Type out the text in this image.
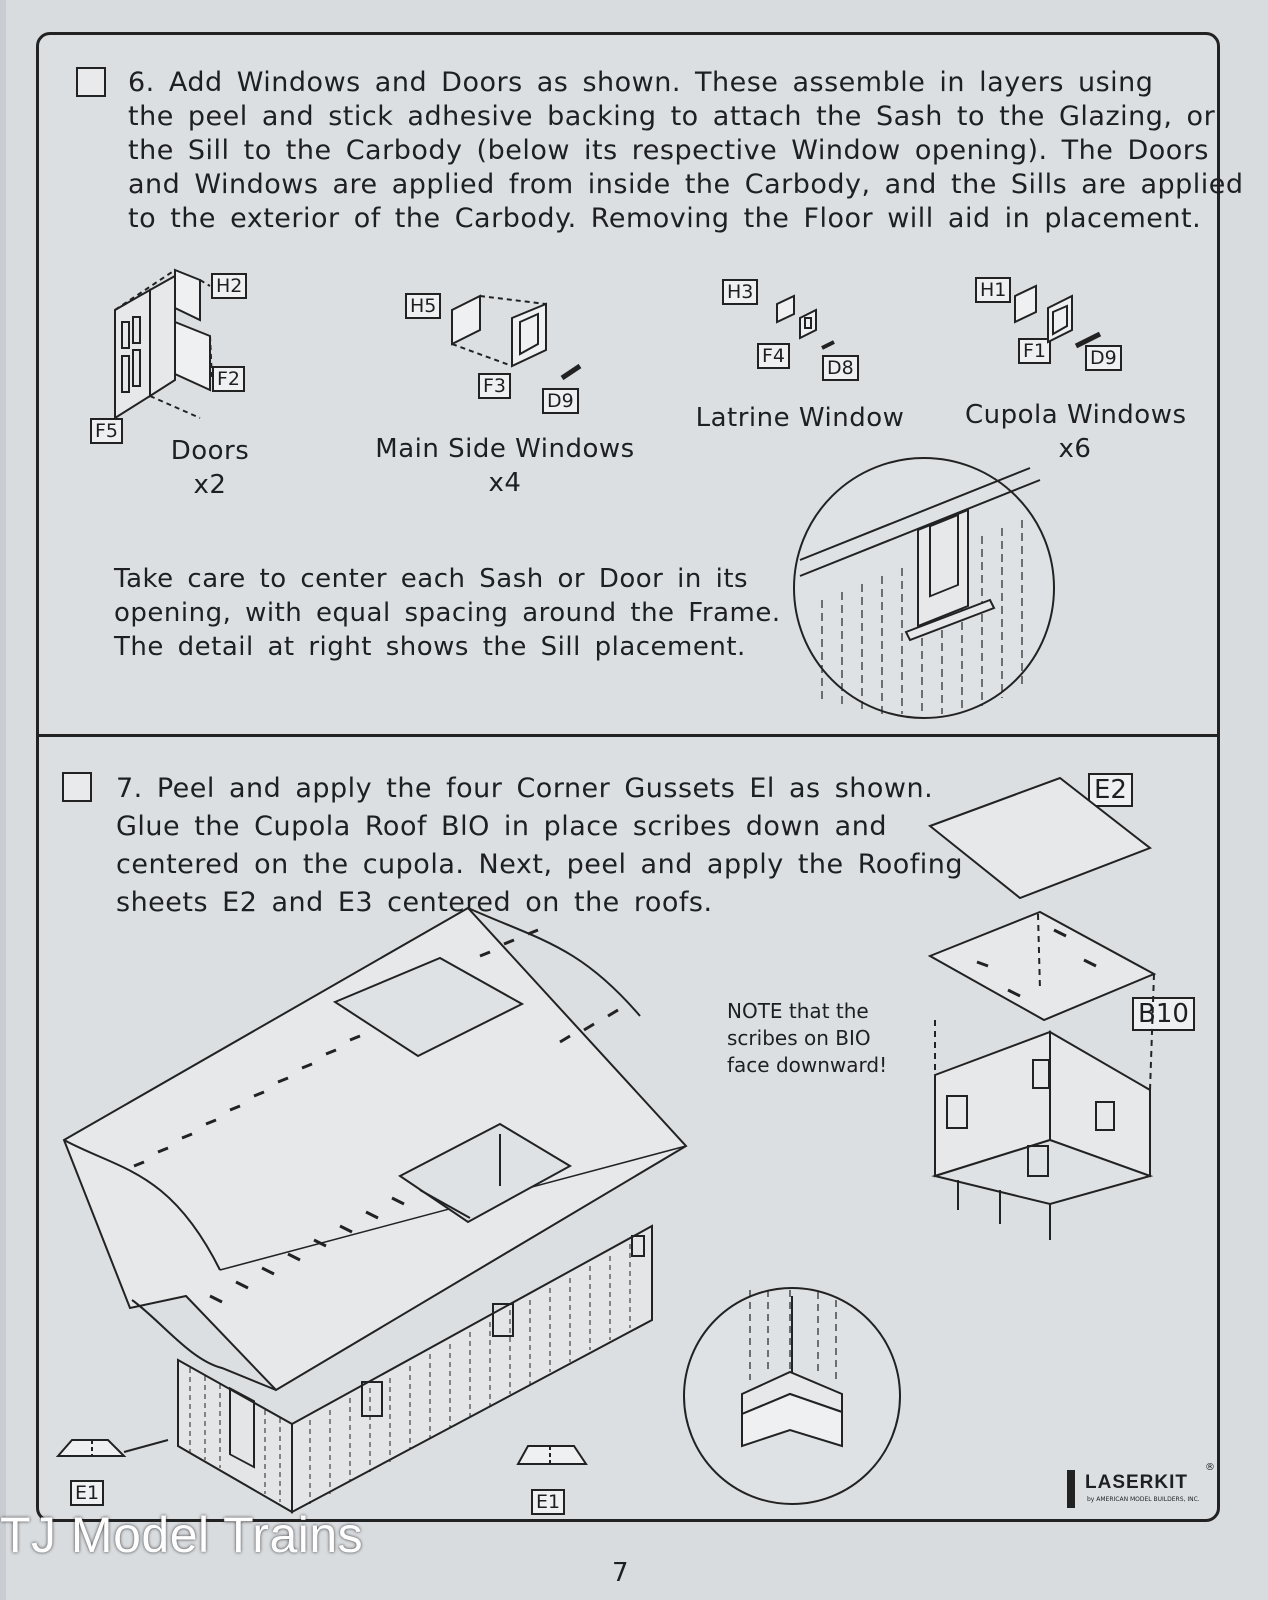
6. Add Windows and Doors as shown. These assemble in layers using
the peel and stick adhesive backing to attach the Sash to the Glazing, or
the Sill to the Carbody (below its respective Window opening). The Doors
and Windows are applied from inside the Carbody, and the Sills are applied
to the exterior of the Carbody. Removing the Floor will aid in placement.
H2
F2
F5
H5
F3
D9
H3
F4
D8
H1
F1 D9
Doors
x2
Main Side Windows
x4
Latrine Window Cupola Windows
x6
Take care to center each Sash or Door in its
opening, with equal spacing around the Frame.
The detail at right shows the Sill placement.
7. Peel and apply the four Corner Gussets El as shown.
Glue the Cupola Roof BlO in place scribes down and
centered on the cupola. Next, peel and apply the Roofing
sheets E2 and E3 centered on the roofs.
E2
B10
E1	E1
NOTE that the
scribes on BIO
face downward!
LASERKIT
by AMERICAN MODEL BUILDERS, INC.
®
7
TJ Model Trains
